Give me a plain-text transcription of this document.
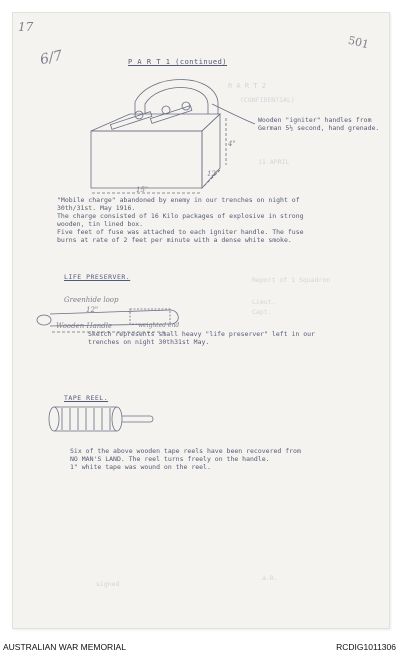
R A R T 2
(CONFIDENTIAL)
11 APRIL
Report of 1 Squadron
Lieut.
Capt.
a.B.
signed
17
6/7
501
P A R T 1 (continued)
Wooden "igniter" handles from
German 5½ second, hand grenade.
15"
12"
4"
"Mobile charge" abandoned by enemy in our trenches on night of
30th/31st. May 1916.
The charge consisted of 16 Kilo packages of explosive in strong
wooden, tin lined box.
Five feet of fuse was attached to each igniter handle. The fuse
burns at rate of 2 feet per minute with a dense white smoke.
LIFE PRESERVER.
Greenhide loop
12"
Wooden Handle	weighted end
Sketch represents small heavy "life preserver" left in our
trenches on night 30th31st May.
TAPE REEL.
Six of the above wooden tape reels have been recovered from
NO MAN'S LAND. The reel turns freely on the handle.
1" white tape was wound on the reel.
AUSTRALIAN WAR MEMORIAL	RCDIG1011306
